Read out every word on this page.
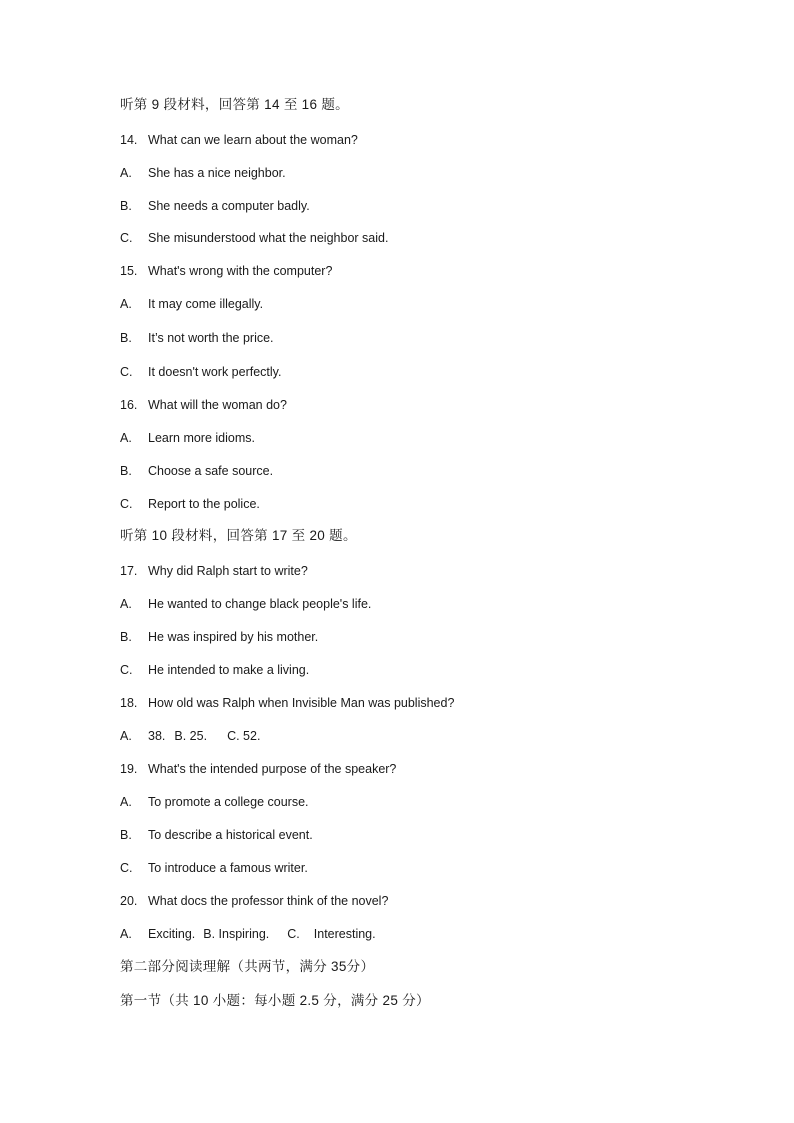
听第 9 段材料，回答第 14 至 16 题。
14. What can we learn about the woman?
A. She has a nice neighbor.
B. She needs a computer badly.
C. She misunderstood what the neighbor said.
15. What's wrong with the computer?
A. It may come illegally.
B. It’s not worth the price.
C. It doesn't work perfectly.
16. What will the woman do?
A. Learn more idioms.
B. Choose a safe source.
C. Report to the police.
听第 10 段材料，回答第 17 至 20 题。
17. Why did Ralph start to write?
A. He wanted to change black people's life.
B. He was inspired by his mother.
C. He intended to make a living.
18. How old was Ralph when Invisible Man was published?
A. 38. B. 25. C. 52.
19. What's the intended purpose of the speaker?
A. To promote a college course.
B. To describe a historical event.
C. To introduce a famous writer.
20. What docs the professor think of the novel?
A. Exciting. B. Inspiring. C. Interesting.
第二部分阅读理解（共两节，满分 35分）
第一节（共 10 小题：每小题 2.5 分，满分 25 分）
